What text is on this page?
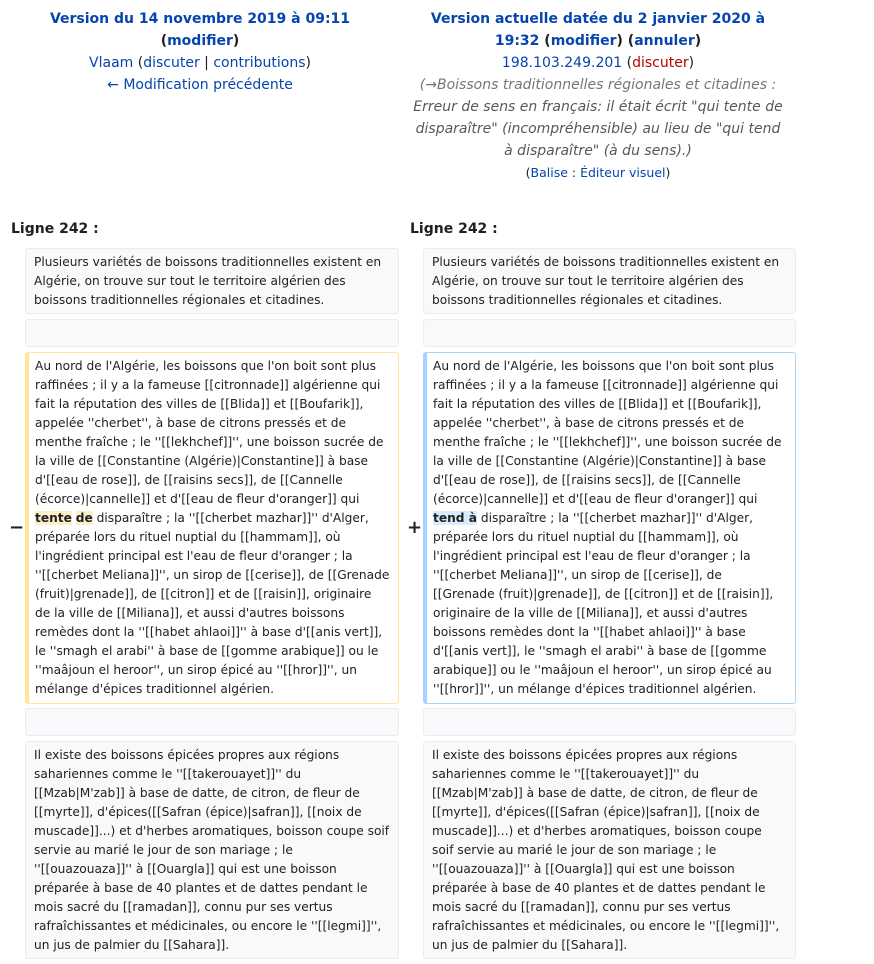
Version du 14 novembre 2019 à 09:11
(modifier)
Vlaam (discuter | contributions)
← Modification précédente
Version actuelle datée du 2 janvier 2020 à 19:32 (modifier) (annuler)
198.103.249.201 (discuter)
(→Boissons traditionnelles régionales et citadines : Erreur de sens en français: il était écrit "qui tente de disparaître" (incompréhensible) au lieu de "qui tend à disparaître" (à du sens).)
(Balise : Éditeur visuel)
Ligne 242 :	Ligne 242 :
Plusieurs variétés de boissons traditionnelles existent en Algérie, on trouve sur tout le territoire algérien des boissons traditionnelles régionales et citadines.
Plusieurs variétés de boissons traditionnelles existent en Algérie, on trouve sur tout le territoire algérien des boissons traditionnelles régionales et citadines.
−
Au nord de l'Algérie, les boissons que l'on boit sont plus raffinées ; il y a la fameuse [[citronnade]] algérienne qui fait la réputation des villes de [[Blida]] et [[Boufarik]], appelée ''cherbet'', à base de citrons pressés et de menthe fraîche ; le ''[[lekhchef]]'', une boisson sucrée de la ville de [[Constantine (Algérie)|Constantine]] à base d'[[eau de rose]], de [[raisins secs]], de [[Cannelle (écorce)|cannelle]] et d'[[eau de fleur d'oranger]] qui tente de disparaître ; la ''[[cherbet mazhar]]'' d'Alger, préparée lors du rituel nuptial du [[hammam]], où l'ingrédient principal est l'eau de fleur d'oranger ; la ''[[cherbet Meliana]]'', un sirop de [[cerise]], de [[Grenade (fruit)|grenade]], de [[citron]] et de [[raisin]], originaire de la ville de [[Miliana]], et aussi d'autres boissons remèdes dont la ''[[habet ahlaoi]]'' à base d'[[anis vert]], le ''smagh el arabi'' à base de [[gomme arabique]] ou le ''maâjoun el heroor'', un sirop épicé au ''[[hror]]'', un mélange d'épices traditionnel algérien.
+
Au nord de l'Algérie, les boissons que l'on boit sont plus raffinées ; il y a la fameuse [[citronnade]] algérienne qui fait la réputation des villes de [[Blida]] et [[Boufarik]], appelée ''cherbet'', à base de citrons pressés et de menthe fraîche ; le ''[[lekhchef]]'', une boisson sucrée de la ville de [[Constantine (Algérie)|Constantine]] à base d'[[eau de rose]], de [[raisins secs]], de [[Cannelle (écorce)|cannelle]] et d'[[eau de fleur d'oranger]] qui tend à disparaître ; la ''[[cherbet mazhar]]'' d'Alger, préparée lors du rituel nuptial du [[hammam]], où l'ingrédient principal est l'eau de fleur d'oranger ; la ''[[cherbet Meliana]]'', un sirop de [[cerise]], de [[Grenade (fruit)|grenade]], de [[citron]] et de [[raisin]], originaire de la ville de [[Miliana]], et aussi d'autres boissons remèdes dont la ''[[habet ahlaoi]]'' à base d'[[anis vert]], le ''smagh el arabi'' à base de [[gomme arabique]] ou le ''maâjoun el heroor'', un sirop épicé au ''[[hror]]'', un mélange d'épices traditionnel algérien.
Il existe des boissons épicées propres aux régions sahariennes comme le ''[[takerouayet]]'' du [[Mzab|M'zab]] à base de datte, de citron, de fleur de [[myrte]], d'épices([[Safran (épice)|safran]], [[noix de muscade]]...) et d'herbes aromatiques, boisson coupe soif servie au marié le jour de son mariage ; le ''[[ouazouaza]]'' à [[Ouargla]] qui est une boisson préparée à base de 40 plantes et de dattes pendant le mois sacré du [[ramadan]], connu pur ses vertus rafraîchissantes et médicinales, ou encore le ''[[legmi]]'', un jus de palmier du [[Sahara]].
Il existe des boissons épicées propres aux régions sahariennes comme le ''[[takerouayet]]'' du [[Mzab|M'zab]] à base de datte, de citron, de fleur de [[myrte]], d'épices([[Safran (épice)|safran]], [[noix de muscade]]...) et d'herbes aromatiques, boisson coupe soif servie au marié le jour de son mariage ; le ''[[ouazouaza]]'' à [[Ouargla]] qui est une boisson préparée à base de 40 plantes et de dattes pendant le mois sacré du [[ramadan]], connu pur ses vertus rafraîchissantes et médicinales, ou encore le ''[[legmi]]'', un jus de palmier du [[Sahara]].
